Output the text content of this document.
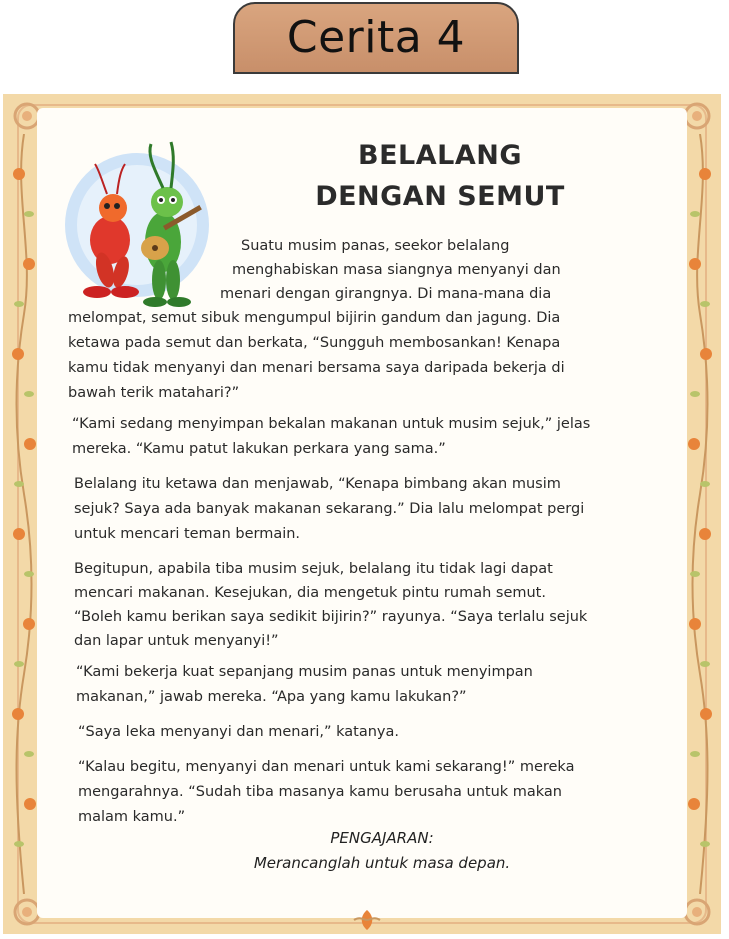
Cerita 4
BELALANG
DENGAN SEMUT
Suatu musim panas, seekor belalang
menghabiskan masa siangnya menyanyi dan
menari dengan girangnya. Di mana-mana dia
melompat, semut sibuk mengumpul bijirin gandum dan jagung. Dia
ketawa pada semut dan berkata, “Sungguh membosankan! Kenapa
kamu tidak menyanyi dan menari bersama saya daripada bekerja di
bawah terik matahari?”
“Kami sedang menyimpan bekalan makanan untuk musim sejuk,” jelas
mereka. “Kamu patut lakukan perkara yang sama.”
Belalang itu ketawa dan menjawab, “Kenapa bimbang akan musim
sejuk? Saya ada banyak makanan sekarang.” Dia lalu melompat pergi
untuk mencari teman bermain.
Begitupun, apabila tiba musim sejuk, belalang itu tidak lagi dapat
mencari makanan. Kesejukan, dia mengetuk pintu rumah semut.
“Boleh kamu berikan saya sedikit bijirin?” rayunya. “Saya terlalu sejuk
dan lapar untuk menyanyi!”
“Kami bekerja kuat sepanjang musim panas untuk menyimpan
makanan,” jawab mereka. “Apa yang kamu lakukan?”
“Saya leka menyanyi dan menari,” katanya.
“Kalau begitu, menyanyi dan menari untuk kami sekarang!” mereka
mengarahnya. “Sudah tiba masanya kamu berusaha untuk makan
malam kamu.”
PENGAJARAN:
Merancanglah untuk masa depan.
